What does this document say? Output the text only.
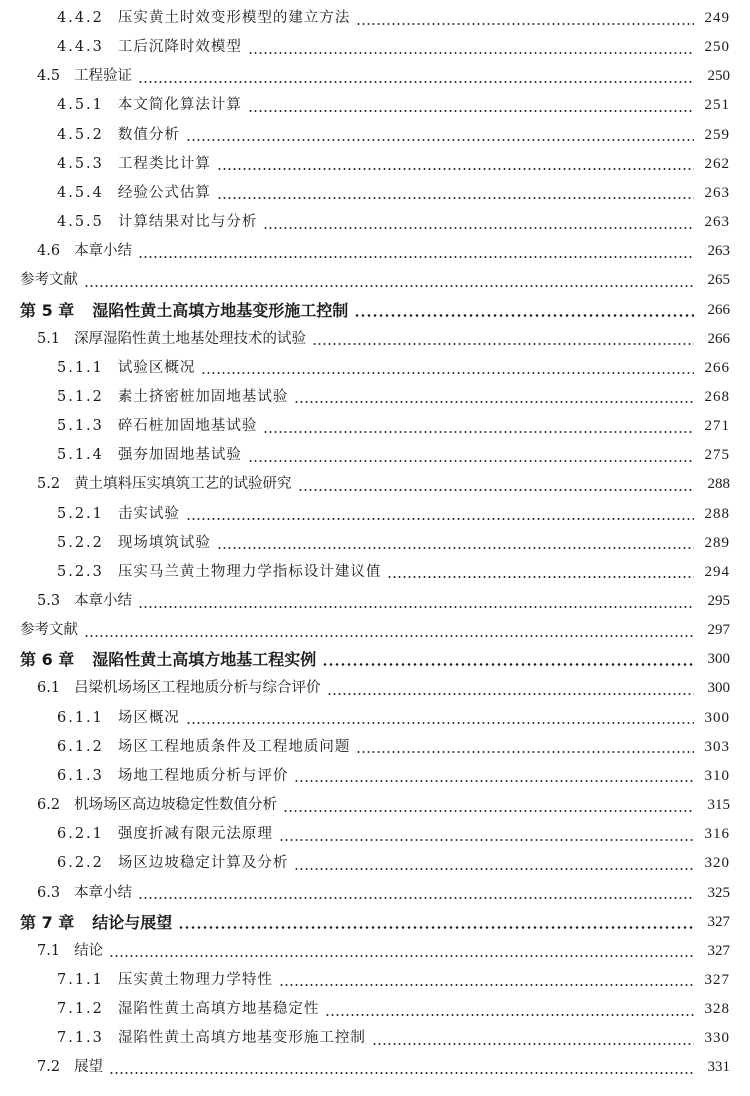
4.4.2 压实黄土时效变形模型的建立方法	249
4.4.3 工后沉降时效模型	250
4.5 工程验证	250
4.5.1 本文简化算法计算	251
4.5.2 数值分析	259
4.5.3 工程类比计算	262
4.5.4 经验公式估算	263
4.5.5 计算结果对比与分析	263
4.6 本章小结	263
参考文献	265
第 5 章 湿陷性黄土高填方地基变形施工控制	266
5.1 深厚湿陷性黄土地基处理技术的试验	266
5.1.1 试验区概况	266
5.1.2 素土挤密桩加固地基试验	268
5.1.3 碎石桩加固地基试验	271
5.1.4 强夯加固地基试验	275
5.2 黄土填料压实填筑工艺的试验研究	288
5.2.1 击实试验	288
5.2.2 现场填筑试验	289
5.2.3 压实马兰黄土物理力学指标设计建议值	294
5.3 本章小结	295
参考文献	297
第 6 章 湿陷性黄土高填方地基工程实例	300
6.1 吕梁机场场区工程地质分析与综合评价	300
6.1.1 场区概况	300
6.1.2 场区工程地质条件及工程地质问题	303
6.1.3 场地工程地质分析与评价	310
6.2 机场场区高边坡稳定性数值分析	315
6.2.1 强度折减有限元法原理	316
6.2.2 场区边坡稳定计算及分析	320
6.3 本章小结	325
第 7 章 结论与展望	327
7.1 结论	327
7.1.1 压实黄土物理力学特性	327
7.1.2 湿陷性黄土高填方地基稳定性	328
7.1.3 湿陷性黄土高填方地基变形施工控制	330
7.2 展望	331
